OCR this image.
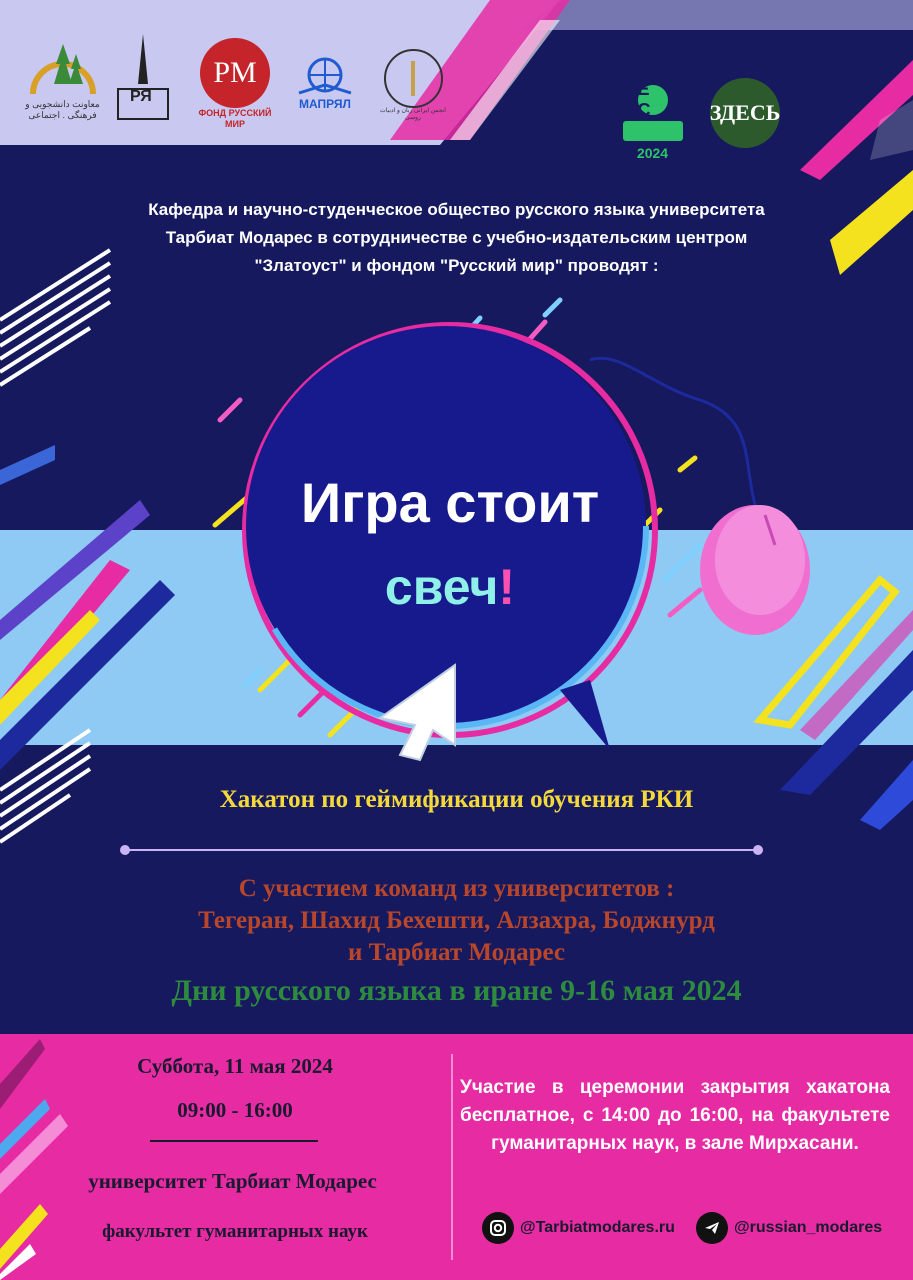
معاونت دانشجویی و فرهنگی . اجتماعی
РЯ
РМ
ФОНД РУССКИЙ МИР
МАПРЯЛ	انجمن ایرانی زبان و ادبیات روسی
Ё С
2024
ЗДЕСЬ
Кафедра и научно-студенческое общество русского языка университета
Тарбиат Модарес в сотрудничестве с учебно-издательским центром
"Златоуст" и фондом "Русский мир" проводят :
Игра стоит
свеч!
Хакатон по геймификации обучения РКИ
С участием команд из университетов :
Тегеран, Шахид Бехешти, Алзахра, Боджнурд
и Тарбиат Модарес
Дни русского языка в иране 9-16 мая 2024
Суббота, 11 мая 2024
09:00 - 16:00
университет Тарбиат Модарес
факультет гуманитарных наук
Участие в церемонии закрытия хакатона бесплатное, с 14:00 до 16:00, на факультете гуманитарных наук, в зале Мирхасани.
@Tarbiatmodares.ru	@russian_modares
